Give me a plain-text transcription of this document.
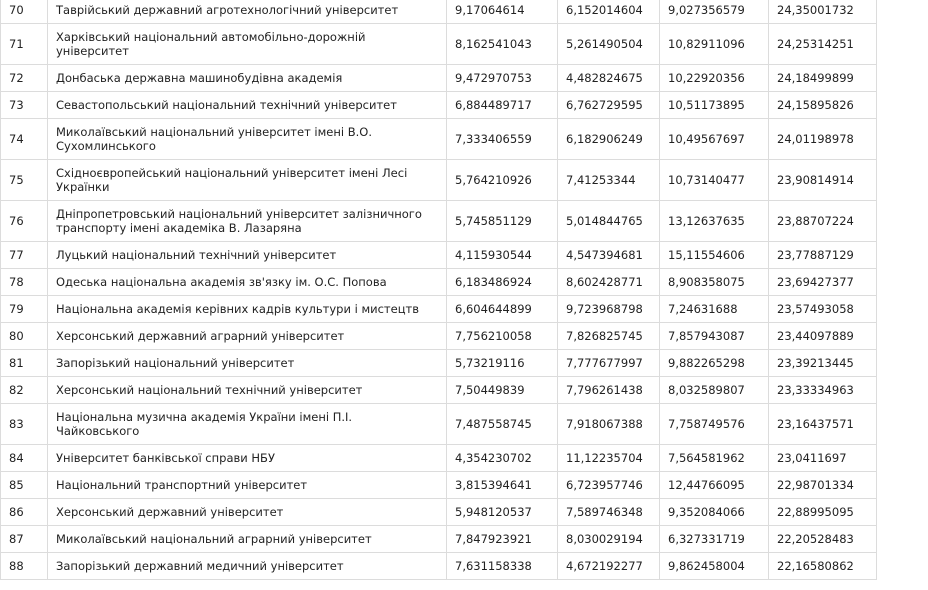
70	Таврійський державний агротехнологічний університет	9,17064614	6,152014604	9,027356579	24,35001732
71	Харківський національний автомобільно-дорожній університет	8,162541043	5,261490504	10,82911096	24,25314251
72	Донбаська державна машинобудівна академія	9,472970753	4,482824675	10,22920356	24,18499899
73	Севастопольський національний технічний університет	6,884489717	6,762729595	10,51173895	24,15895826
74	Миколаївський національний університет імені В.О. Сухомлинського	7,333406559	6,182906249	10,49567697	24,01198978
75	Східноєвропейський національний університет імені Лесі Українки	5,764210926	7,41253344	10,73140477	23,90814914
76	Дніпропетровський національний університет залізничного транспорту імені академіка В. Лазаряна	5,745851129	5,014844765	13,12637635	23,88707224
77	Луцький національний технічний університет	4,115930544	4,547394681	15,11554606	23,77887129
78	Одеська національна академія зв'язку ім. О.С. Попова	6,183486924	8,602428771	8,908358075	23,69427377
79	Національна академія керівних кадрів культури і мистецтв	6,604644899	9,723968798	7,24631688	23,57493058
80	Херсонський державний аграрний університет	7,756210058	7,826825745	7,857943087	23,44097889
81	Запорізький національний університет	5,73219116	7,777677997	9,882265298	23,39213445
82	Херсонський національний технічний університет	7,50449839	7,796261438	8,032589807	23,33334963
83	Національна музична академія України імені П.І. Чайковського	7,487558745	7,918067388	7,758749576	23,16437571
84	Університет банківської справи НБУ	4,354230702	11,12235704	7,564581962	23,0411697
85	Національний транспортний університет	3,815394641	6,723957746	12,44766095	22,98701334
86	Херсонський державний університет	5,948120537	7,589746348	9,352084066	22,88995095
87	Миколаївський національний аграрний університет	7,847923921	8,030029194	6,327331719	22,20528483
88	Запорізький державний медичний університет	7,631158338	4,672192277	9,862458004	22,16580862
